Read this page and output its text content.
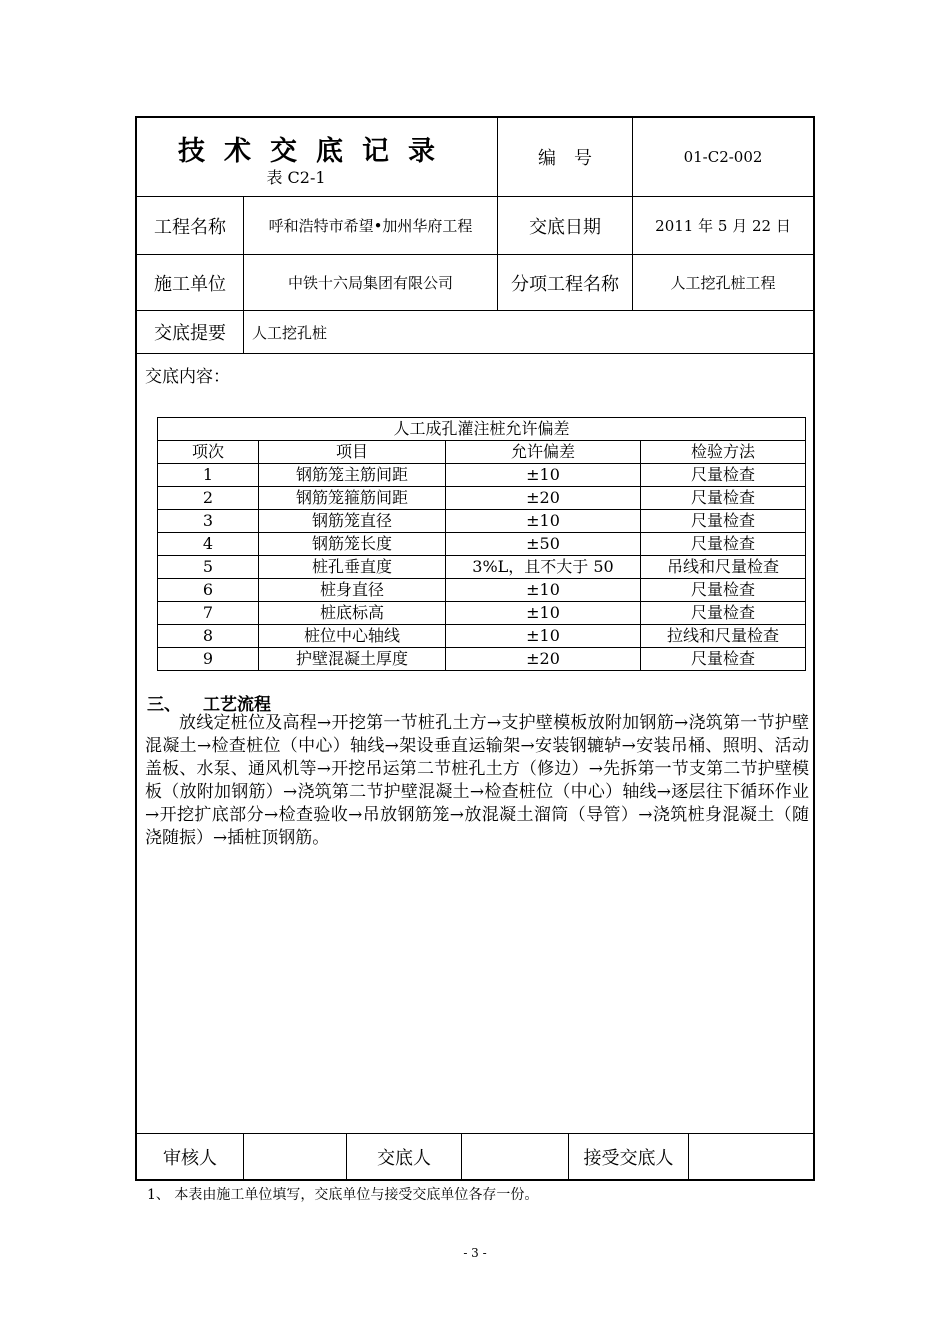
技术交底记录
表 C2-1
编　号	01-C2-002
工程名称	呼和浩特市希望•加州华府工程	交底日期	2011 年 5 月 22 日
施工单位	中铁十六局集团有限公司	分项工程名称	人工挖孔桩工程
交底提要	人工挖孔桩
交底内容：
人工成孔灌注桩允许偏差			
项次	项目	允许偏差	检验方法
1	钢筋笼主筋间距	±10	尺量检查
2	钢筋笼箍筋间距	±20	尺量检查
3	钢筋笼直径	±10	尺量检查
4	钢筋笼长度	±50	尺量检查
5	桩孔垂直度	3%L，且不大于 50	吊线和尺量检查
6	桩身直径	±10	尺量检查
7	桩底标高	±10	尺量检查
8	桩位中心轴线	±10	拉线和尺量检查
9	护壁混凝土厚度	±20	尺量检查
三、 工艺流程
放线定桩位及高程→开挖第一节桩孔土方→支护壁模板放附加钢筋→浇筑第一节护壁混凝土→检查桩位（中心）轴线→架设垂直运输架→安装钢辘轳→安装吊桶、照明、活动盖板、水泵、通风机等→开挖吊运第二节桩孔土方（修边）→先拆第一节支第二节护壁模板（放附加钢筋）→浇筑第二节护壁混凝土→检查桩位（中心）轴线→逐层往下循环作业→开挖扩底部分→检查验收→吊放钢筋笼→放混凝土溜筒（导管）→浇筑桩身混凝土（随浇随振）→插桩顶钢筋。
审核人	交底人	接受交底人
1、 本表由施工单位填写，交底单位与接受交底单位各存一份。
- 3 -
